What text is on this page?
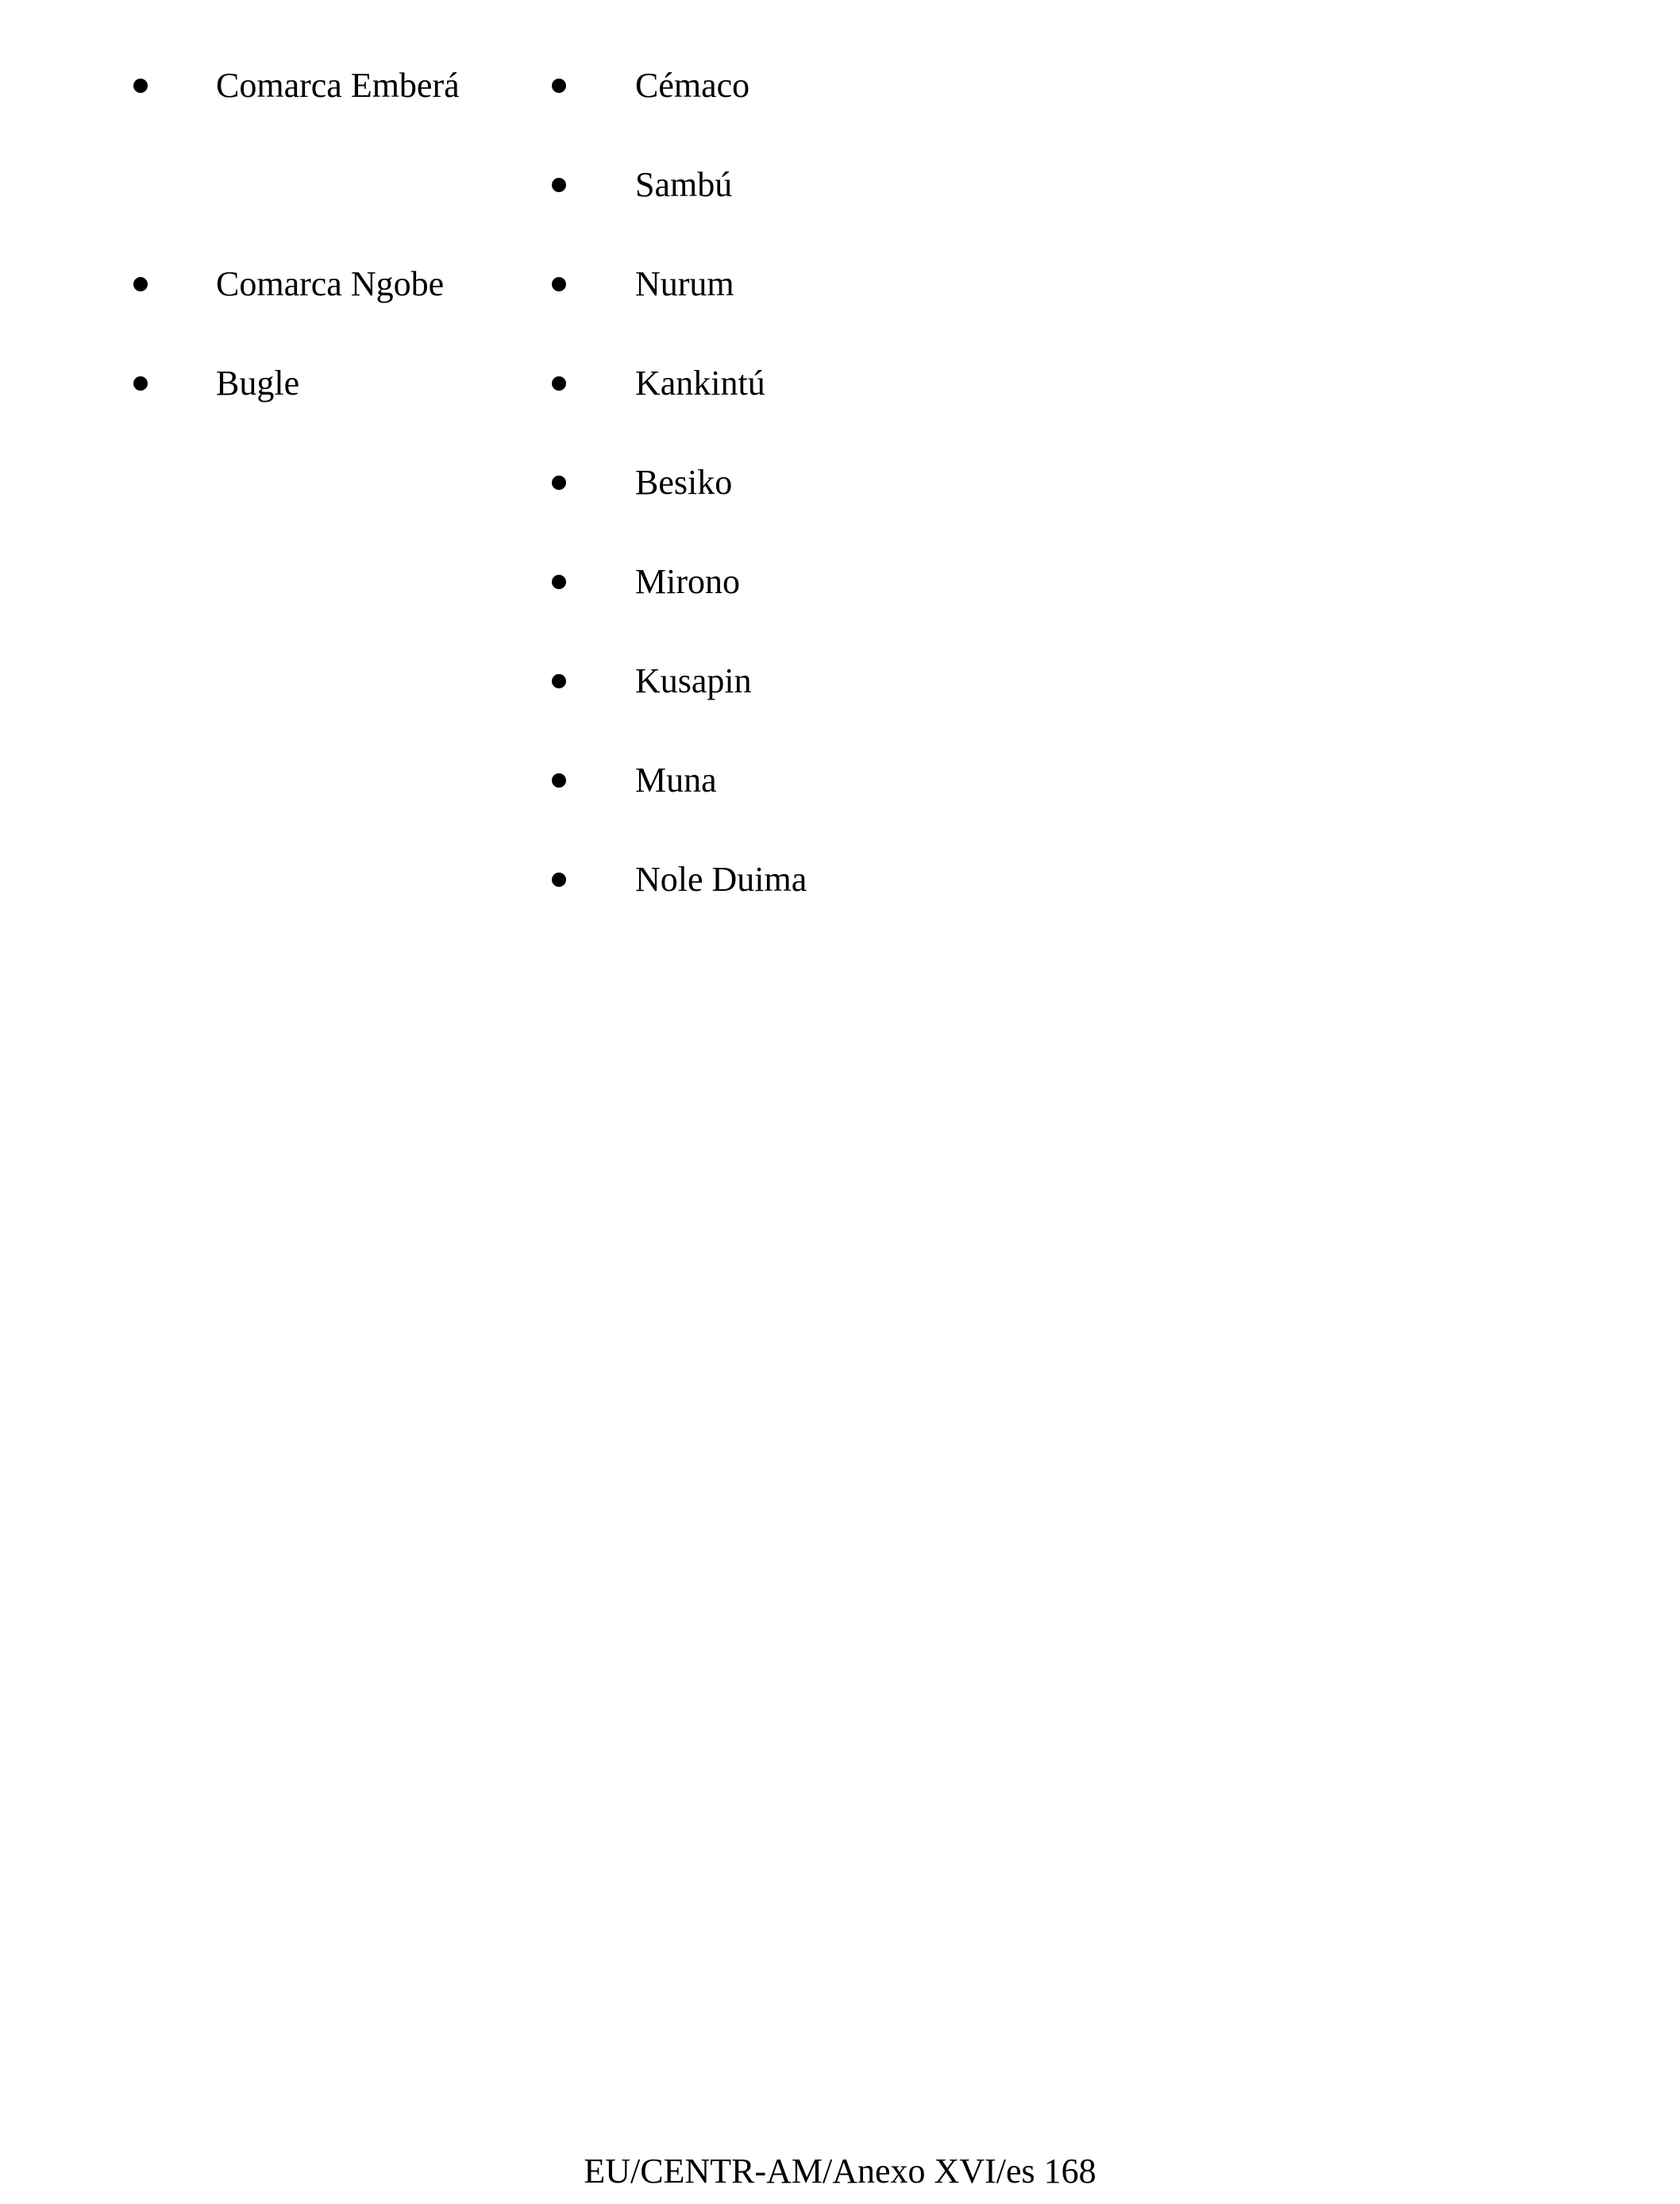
Comarca Emberá
Comarca Ngobe
Bugle
Cémaco
Sambú
Nurum
Kankintú
Besiko
Mirono
Kusapin
Muna
Nole Duima
EU/CENTR-AM/Anexo XVI/es 168
